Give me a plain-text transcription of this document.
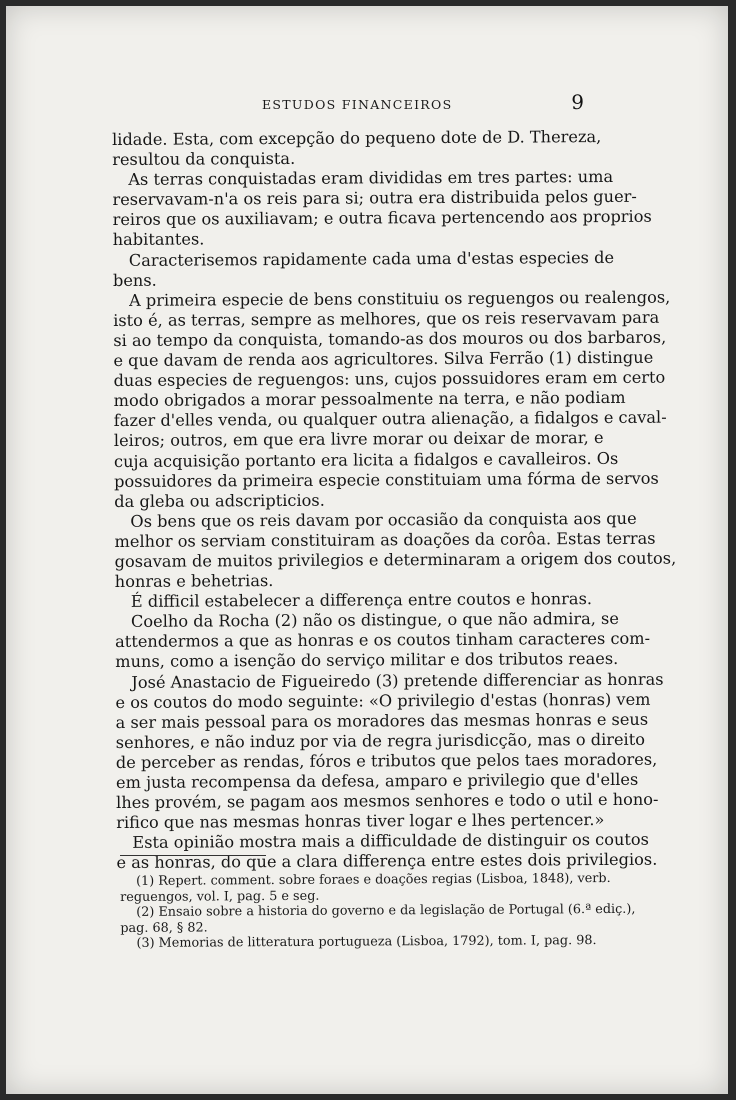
ESTUDOS FINANCEIROS	9
lidade. Esta, com excepção do pequeno dote de D. Thereza,
resultou da conquista.
As terras conquistadas eram divididas em tres partes: uma
reservavam-n'a os reis para si; outra era distribuida pelos guer-
reiros que os auxiliavam; e outra ficava pertencendo aos proprios
habitantes.
Caracterisemos rapidamente cada uma d'estas especies de
bens.
A primeira especie de bens constituiu os reguengos ou realengos,
isto é, as terras, sempre as melhores, que os reis reservavam para
si ao tempo da conquista, tomando-as dos mouros ou dos barbaros,
e que davam de renda aos agricultores. Silva Ferrão (1) distingue
duas especies de reguengos: uns, cujos possuidores eram em certo
modo obrigados a morar pessoalmente na terra, e não podiam
fazer d'elles venda, ou qualquer outra alienação, a fidalgos e caval-
leiros; outros, em que era livre morar ou deixar de morar, e
cuja acquisição portanto era licita a fidalgos e cavalleiros. Os
possuidores da primeira especie constituiam uma fórma de servos
da gleba ou adscripticios.
Os bens que os reis davam por occasião da conquista aos que
melhor os serviam constituiram as doações da corôa. Estas terras
gosavam de muitos privilegios e determinaram a origem dos coutos,
honras e behetrias.
É difficil estabelecer a differença entre coutos e honras.
Coelho da Rocha (2) não os distingue, o que não admira, se
attendermos a que as honras e os coutos tinham caracteres com-
muns, como a isenção do serviço militar e dos tributos reaes.
José Anastacio de Figueiredo (3) pretende differenciar as honras
e os coutos do modo seguinte: «O privilegio d'estas (honras) vem
a ser mais pessoal para os moradores das mesmas honras e seus
senhores, e não induz por via de regra jurisdicção, mas o direito
de perceber as rendas, fóros e tributos que pelos taes moradores,
em justa recompensa da defesa, amparo e privilegio que d'elles
lhes provém, se pagam aos mesmos senhores e todo o util e hono-
rifico que nas mesmas honras tiver logar e lhes pertencer.»
Esta opinião mostra mais a difficuldade de distinguir os coutos
e as honras, do que a clara differença entre estes dois privilegios.
(1) Repert. comment. sobre foraes e doações regias (Lisboa, 1848), verb.
reguengos, vol. I, pag. 5 e seg.
(2) Ensaio sobre a historia do governo e da legislação de Portugal (6.ª ediç.),
pag. 68, § 82.
(3) Memorias de litteratura portugueza (Lisboa, 1792), tom. I, pag. 98.
